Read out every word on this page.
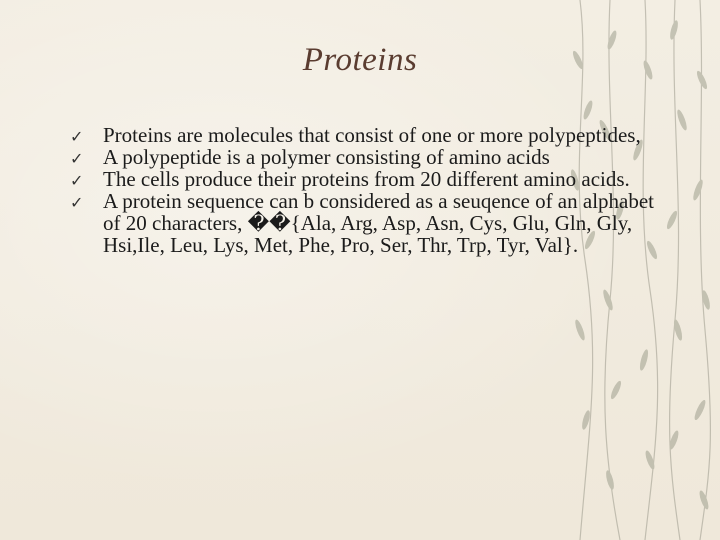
Proteins
✓ Proteins are molecules that consist of one or more polypeptides,
✓ A polypeptide is a polymer consisting of amino acids
✓ The cells produce their proteins from 20 different amino acids.
✓ A protein sequence can b considered as a seuqence of an alphabet of 20 characters, ��{Ala, Arg, Asp, Asn, Cys, Glu, Gln, Gly, Hsi,Ile, Leu, Lys, Met, Phe, Pro, Ser, Thr, Trp, Tyr, Val}.
